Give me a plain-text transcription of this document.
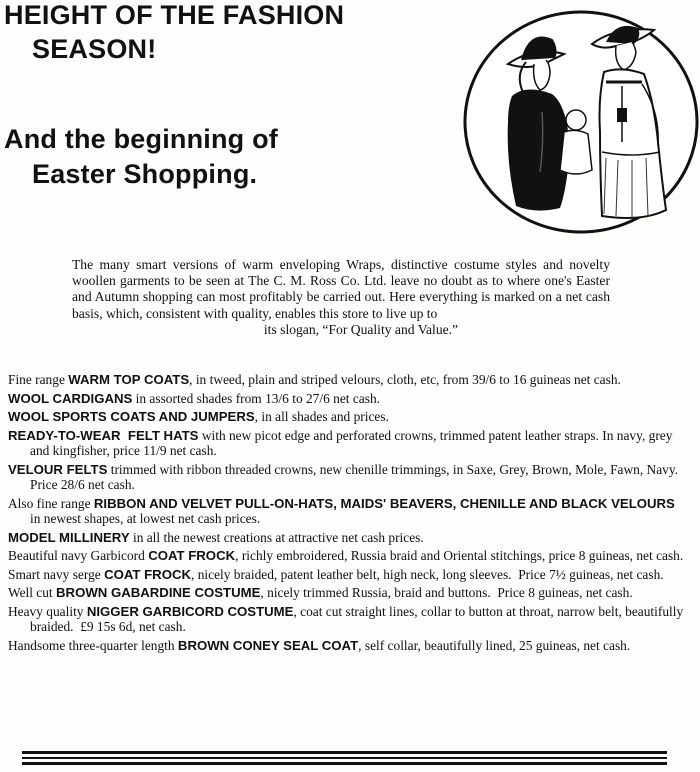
HEIGHT OF THE FASHION
SEASON!
And the beginning of
Easter Shopping.

The many smart versions of warm enveloping Wraps, distinctive costume styles and novelty woollen garments to be seen at The C. M. Ross Co. Ltd. leave no doubt as to where one's Easter and Autumn shopping can most profitably be carried out. Here everything is marked on a net cash basis, which, consistent with quality, enables this store to live up to
its slogan, “For Quality and Value.”

Fine range WARM TOP COATS, in tweed, plain and striped velours, cloth, etc, from 39/6 to 16 guineas net cash.
WOOL CARDIGANS in assorted shades from 13/6 to 27/6 net cash.
WOOL SPORTS COATS AND JUMPERS, in all shades and prices.
READY-TO-WEAR  FELT HATS with new picot edge and perforated crowns, trimmed patent leather straps. In navy, grey and kingfisher, price 11/9 net cash.
VELOUR FELTS trimmed with ribbon threaded crowns, new chenille trimmings, in Saxe, Grey, Brown, Mole, Fawn, Navy.  Price 28/6 net cash.
Also fine range RIBBON AND VELVET PULL-ON-HATS, MAIDS' BEAVERS, CHENILLE AND BLACK VELOURS in newest shapes, at lowest net cash prices.
MODEL MILLINERY in all the newest creations at attractive net cash prices.
Beautiful navy Garbicord COAT FROCK, richly embroidered, Russia braid and Oriental stitchings, price 8 guineas, net cash.
Smart navy serge COAT FROCK, nicely braided, patent leather belt, high neck, long sleeves.  Price 7½ guineas, net cash.
Well cut BROWN GABARDINE COSTUME, nicely trimmed Russia, braid and buttons.  Price 8 guineas, net cash.
Heavy quality NIGGER GARBICORD COSTUME, coat cut straight lines, collar to button at throat, narrow belt, beautifully braided.  £9 15s 6d, net cash.
Handsome three-quarter length BROWN CONEY SEAL COAT, self collar, beautifully lined, 25 guineas, net cash.
